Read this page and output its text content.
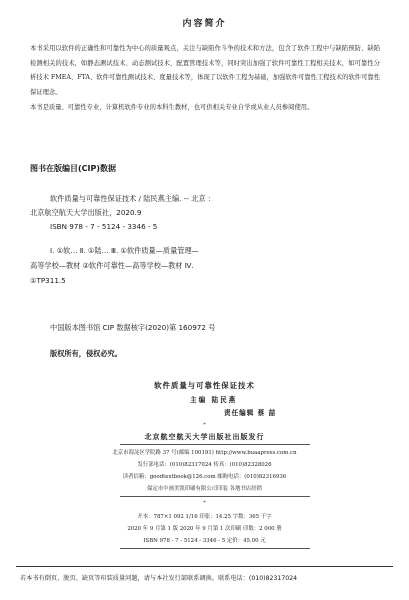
内容简介
本书采用以软件的正确性和可靠性为中心的质量观点，关注与缺陷作斗争的技术和方法，包含了软件工程中与缺陷预防、缺陷检测相关的技术，如静态测试技术、动态测试技术、配置管理技术等，同时突出加强了软件可靠性工程相关技术，如可靠性分析技术 FMEA、FTA、软件可靠性测试技术、度量技术等，体现了以软件工程为基础，加强软件可靠性工程技术的软件可靠性保证理念。
本书是质量、可靠性专业，计算机软件专业的本科生教材，也可供相关专业自学或从业人员参阅使用。
图书在版编目(CIP)数据
软件质量与可靠性保证技术 / 陆民燕主编. -- 北京 ：
北京航空航天大学出版社，2020.9
ISBN 978 - 7 - 5124 - 3346 - 5
Ⅰ. ①软… Ⅱ. ①陆… Ⅲ. ①软件质量—质量管理—
高等学校—教材 ②软件可靠性—高等学校—教材 Ⅳ.
①TP311.5
中国版本图书馆 CIP 数据核字(2020)第 160972 号
版权所有，侵权必究。
软件质量与可靠性保证技术
主编 陆民燕
责任编辑 蔡 喆
*
北京航空航天大学出版社出版发行
北京市海淀区学院路 37 号(邮编 100191) http://www.buaapress.com.cn
发行部电话：(010)82317024 传真：(010)82328026
读者信箱：goodtextbook@126.com 邮购电话：(010)82316936
保定市中画美凯印刷有限公司印装 各地书店经销
*
开本：787×1 092 1/16 印张：14.25 字数：365 千字
2020 年 9 月第 1 版 2020 年 9 月第 1 次印刷 印数：2 000 册
ISBN 978 - 7 - 5124 - 3346 - 5 定价：45.00 元
若本书有倒页、脱页、缺页等印装质量问题，请与本社发行部联系调换。联系电话：(010)82317024
